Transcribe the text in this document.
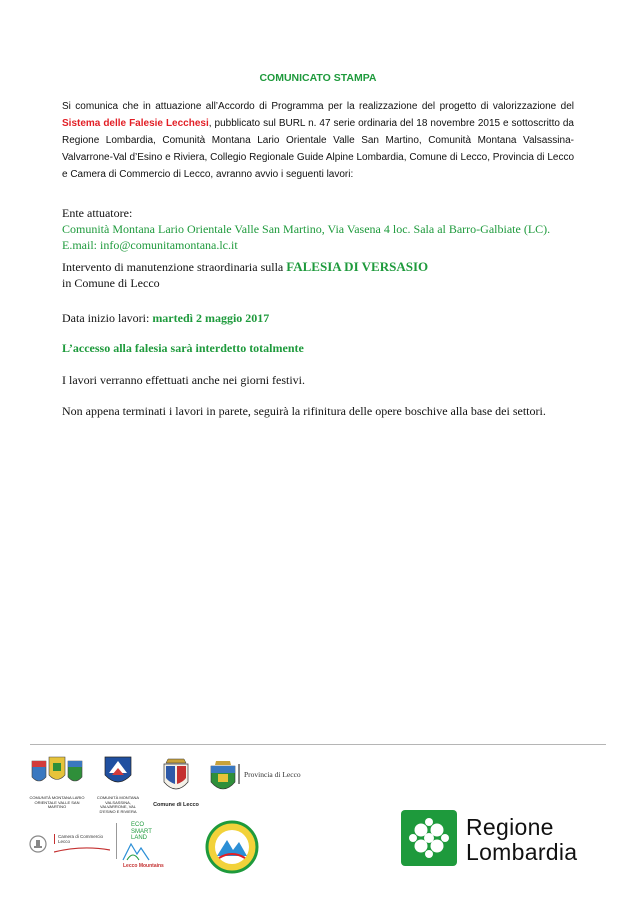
COMUNICATO STAMPA

Si comunica che in attuazione all’Accordo di Programma per la realizzazione del progetto di valorizzazione del Sistema delle Falesie Lecchesi, pubblicato sul BURL n. 47 serie ordinaria del 18 novembre 2015 e sottoscritto da Regione Lombardia, Comunità Montana Lario Orientale Valle San Martino, Comunità Montana Valsassina-Valvarrone-Val d’Esino e Riviera, Collegio Regionale Guide Alpine Lombardia, Comune di Lecco, Provincia di Lecco e Camera di Commercio di Lecco, avranno avvio i seguenti lavori:

Ente attuatore:
Comunità Montana Lario Orientale Valle San Martino, Via Vasena 4 loc. Sala al Barro-Galbiate (LC). E.mail: info@comunitamontana.lc.it
Intervento di manutenzione straordinaria sulla FALESIA DI VERSASIO
in Comune di Lecco
Data inizio lavori: martedì 2 maggio 2017
L’accesso alla falesia sarà interdetto totalmente
I lavori verranno effettuati anche nei giorni festivi.
Non appena terminati i lavori in parete, seguirà la rifinitura delle opere boschive alla base dei settori.
COMUNITÀ MONTANA LARIO ORIENTALE VALLE SAN MARTINO
COMUNITÀ MONTANA VALSASSINA, VALVARRONE, VAL D'ESINO E RIVIERA
Comune di Lecco
Provincia di Lecco
Camera di Commercio Lecco
ECO
SMART
LAND
Lecco Mountains
Regione
Lombardia
